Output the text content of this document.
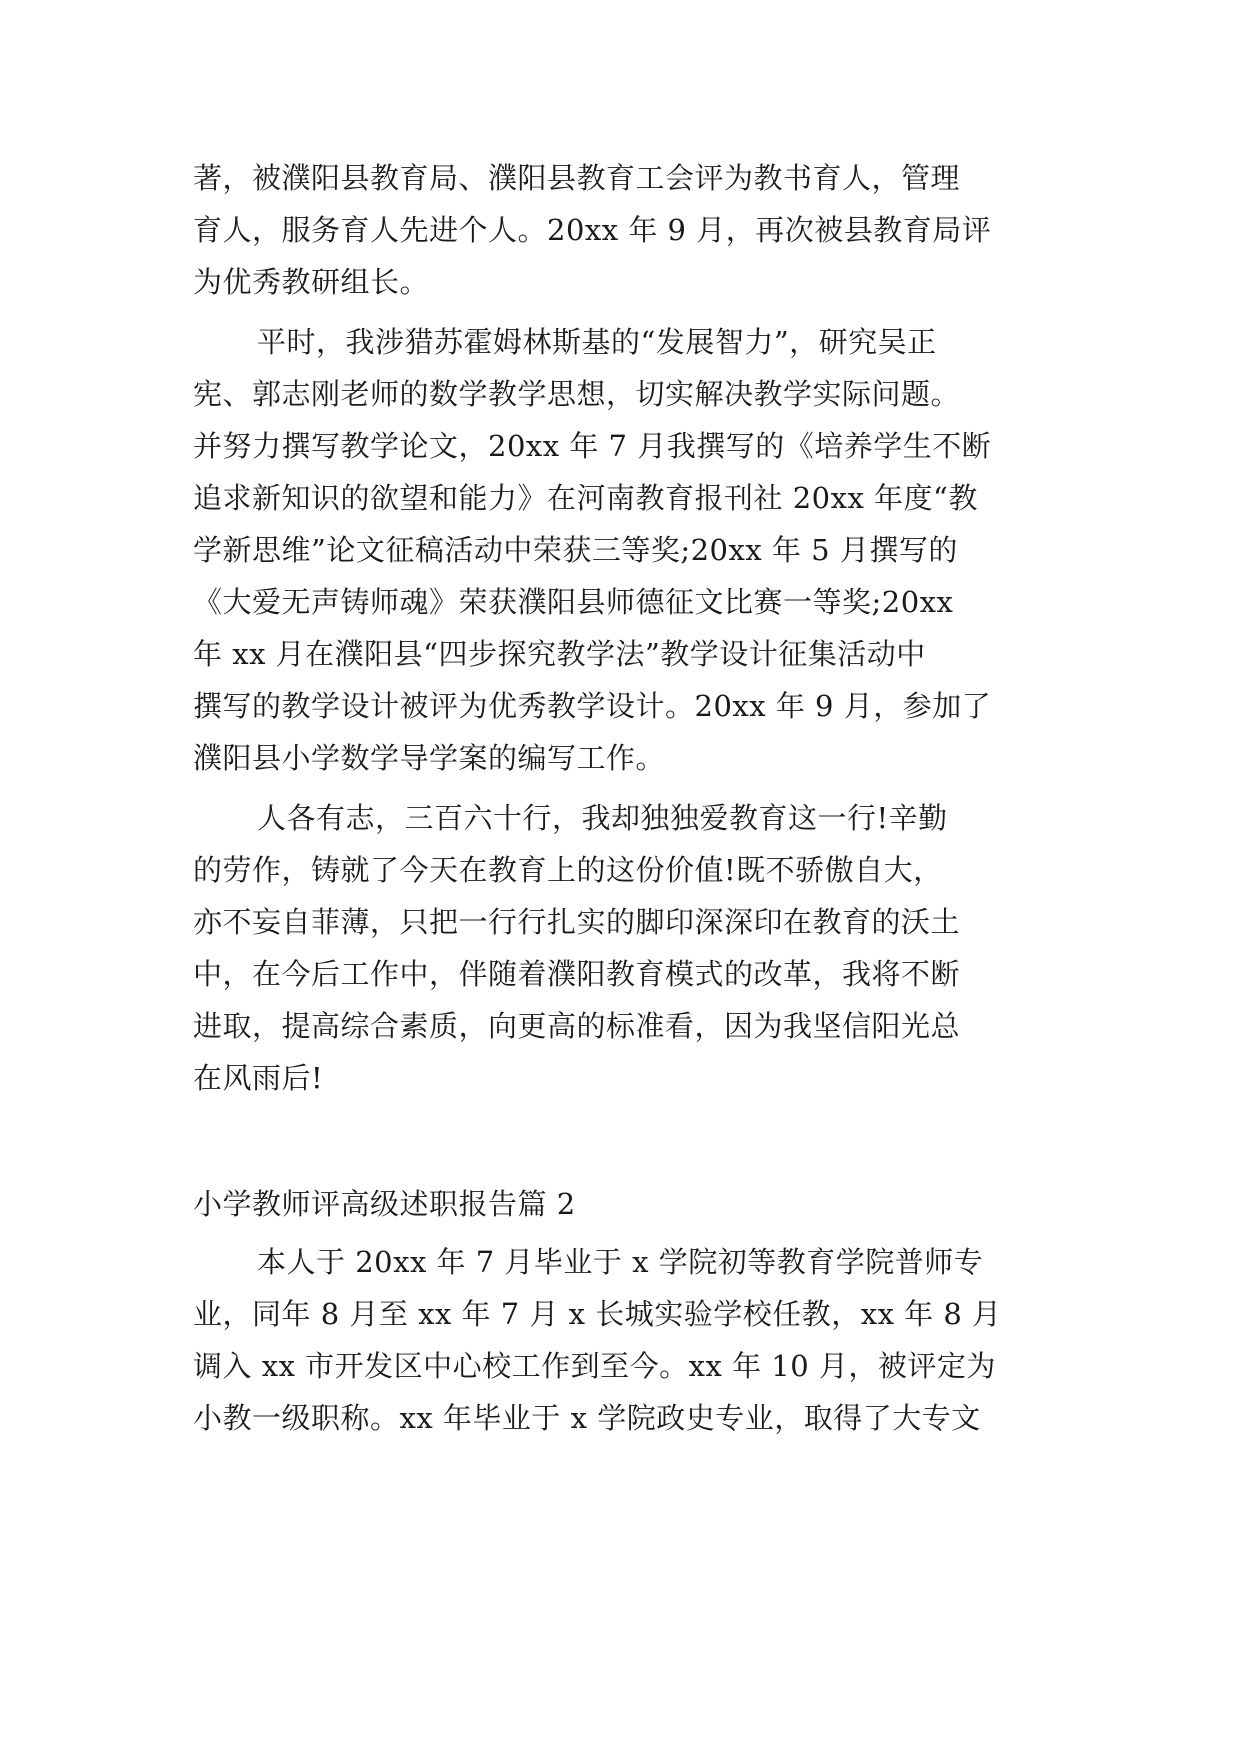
著，被濮阳县教育局、濮阳县教育工会评为教书育人，管理
育人，服务育人先进个人。20xx 年 9 月，再次被县教育局评
为优秀教研组长。
平时，我涉猎苏霍姆林斯基的“发展智力”，研究吴正
宪、郭志刚老师的数学教学思想，切实解决教学实际问题。
并努力撰写教学论文，20xx 年 7 月我撰写的《培养学生不断
追求新知识的欲望和能力》在河南教育报刊社 20xx 年度“教
学新思维”论文征稿活动中荣获三等奖;20xx 年 5 月撰写的
《大爱无声铸师魂》荣获濮阳县师德征文比赛一等奖;20xx
年 xx 月在濮阳县“四步探究教学法”教学设计征集活动中
撰写的教学设计被评为优秀教学设计。20xx 年 9 月，参加了
濮阳县小学数学导学案的编写工作。
人各有志，三百六十行，我却独独爱教育这一行!辛勤
的劳作，铸就了今天在教育上的这份价值!既不骄傲自大，
亦不妄自菲薄，只把一行行扎实的脚印深深印在教育的沃土
中，在今后工作中，伴随着濮阳教育模式的改革，我将不断
进取，提高综合素质，向更高的标准看，因为我坚信阳光总
在风雨后!
小学教师评高级述职报告篇 2
本人于 20xx 年 7 月毕业于 x 学院初等教育学院普师专
业，同年 8 月至 xx 年 7 月 x 长城实验学校任教，xx 年 8 月
调入 xx 市开发区中心校工作到至今。xx 年 10 月，被评定为
小教一级职称。xx 年毕业于 x 学院政史专业，取得了大专文
